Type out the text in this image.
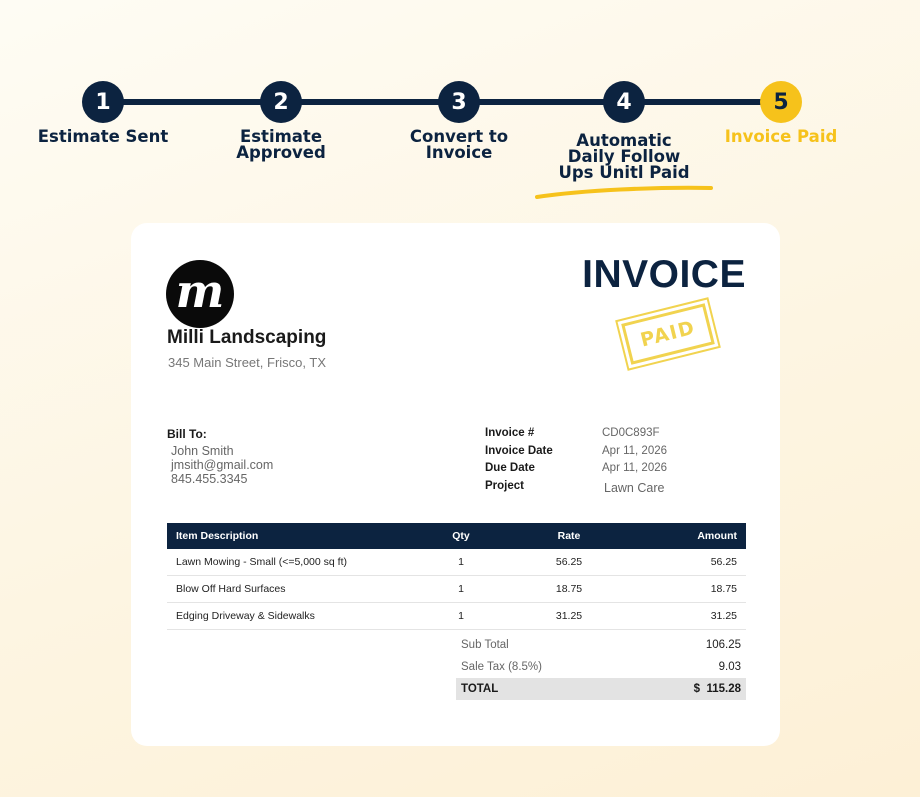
1	2	3	4	5
Estimate Sent	Estimate Approved
Convert to Invoice
Automatic Daily Follow Ups Unitl Paid
Invoice Paid
m
Milli Landscaping
345 Main Street, Frisco, TX
INVOICE
PAID
Bill To:
John Smith
jmsith@gmail.com
845.455.3345
Invoice #	CD0C893F
Invoice Date	Apr 11, 2026
Due Date	Apr 11, 2026
Project	Lawn Care
Item Description	Qty	Rate	Amount
Lawn Mowing - Small (<=5,000 sq ft)	1	56.25	56.25
Blow Off Hard Surfaces	1	18.75	18.75
Edging Driveway & Sidewalks	1	31.25	31.25
Sub Total	106.25
Sale Tax (8.5%)	9.03
TOTAL	$  115.28
